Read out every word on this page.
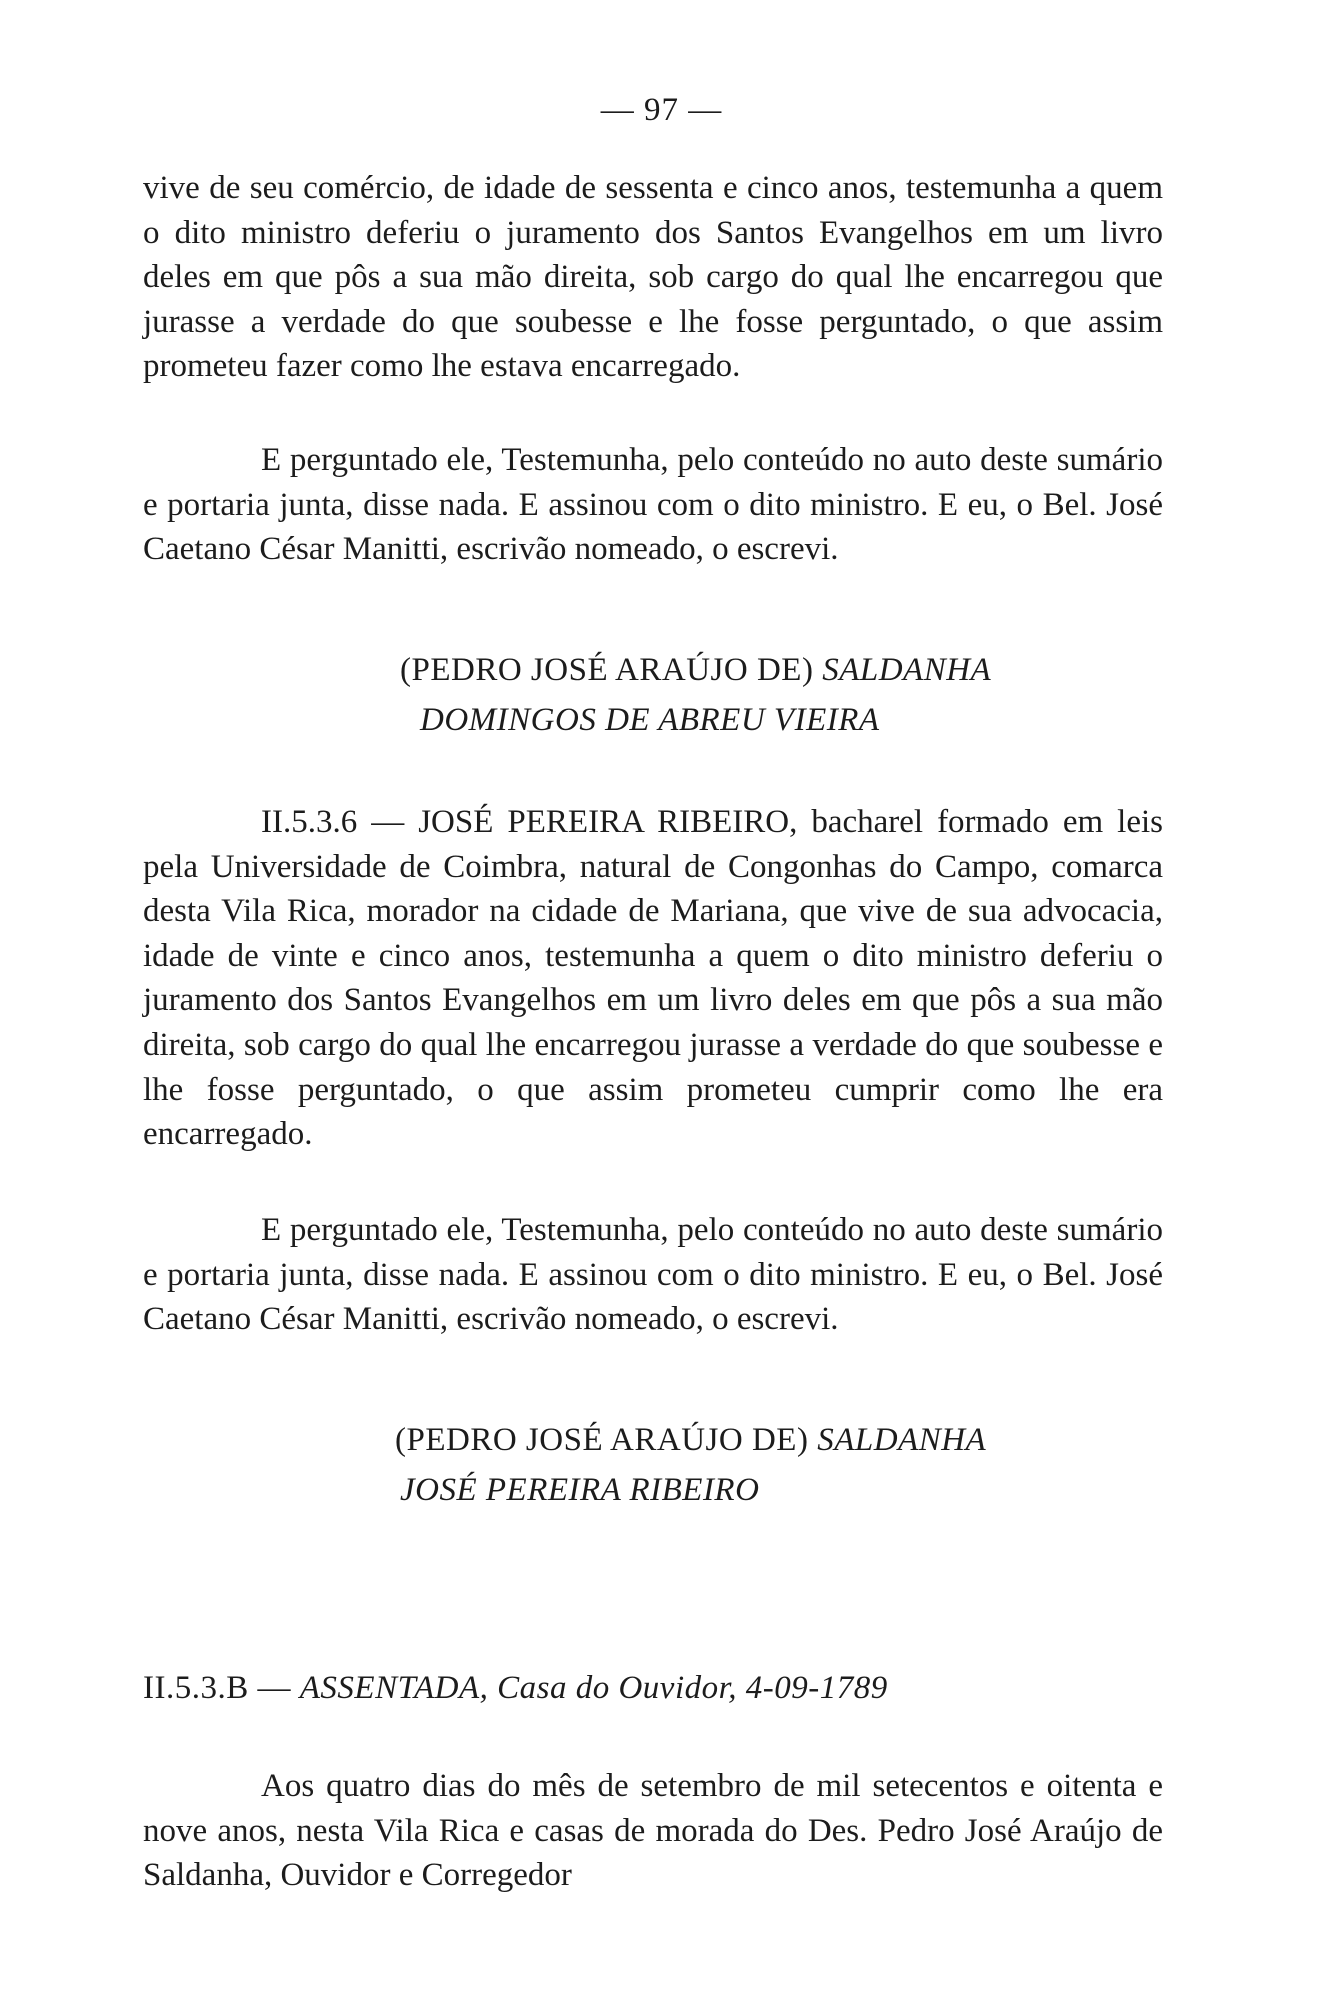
— 97 —

vive de seu comércio, de idade de sessenta e cinco anos, testemunha a quem o dito ministro deferiu o juramento dos Santos Evangelhos em um livro deles em que pôs a sua mão direita, sob cargo do qual lhe encarregou que jurasse a verdade do que soubesse e lhe fosse perguntado, o que assim prometeu fazer como lhe estava encarregado.

E perguntado ele, Testemunha, pelo conteúdo no auto deste sumário e portaria junta, disse nada. E assinou com o dito ministro. E eu, o Bel. José Caetano César Manitti, escrivão nomeado, o escrevi.

(PEDRO JOSÉ ARAÚJO DE) SALDANHA
DOMINGOS DE ABREU VIEIRA

II.5.3.6 — JOSÉ PEREIRA RIBEIRO, bacharel formado em leis pela Universidade de Coimbra, natural de Congonhas do Campo, comarca desta Vila Rica, morador na cidade de Mariana, que vive de sua advocacia, idade de vinte e cinco anos, testemunha a quem o dito ministro deferiu o juramento dos Santos Evangelhos em um livro deles em que pôs a sua mão direita, sob cargo do qual lhe encarregou jurasse a verdade do que soubesse e lhe fosse perguntado, o que assim prometeu cumprir como lhe era encarregado.

E perguntado ele, Testemunha, pelo conteúdo no auto deste sumário e portaria junta, disse nada. E assinou com o dito ministro. E eu, o Bel. José Caetano César Manitti, escrivão nomeado, o escrevi.

(PEDRO JOSÉ ARAÚJO DE) SALDANHA
JOSÉ PEREIRA RIBEIRO
II.5.3.B — ASSENTADA, Casa do Ouvidor, 4-09-1789

Aos quatro dias do mês de setembro de mil setecentos e oitenta e nove anos, nesta Vila Rica e casas de morada do Des. Pedro José Araújo de Saldanha, Ouvidor e Corregedor
